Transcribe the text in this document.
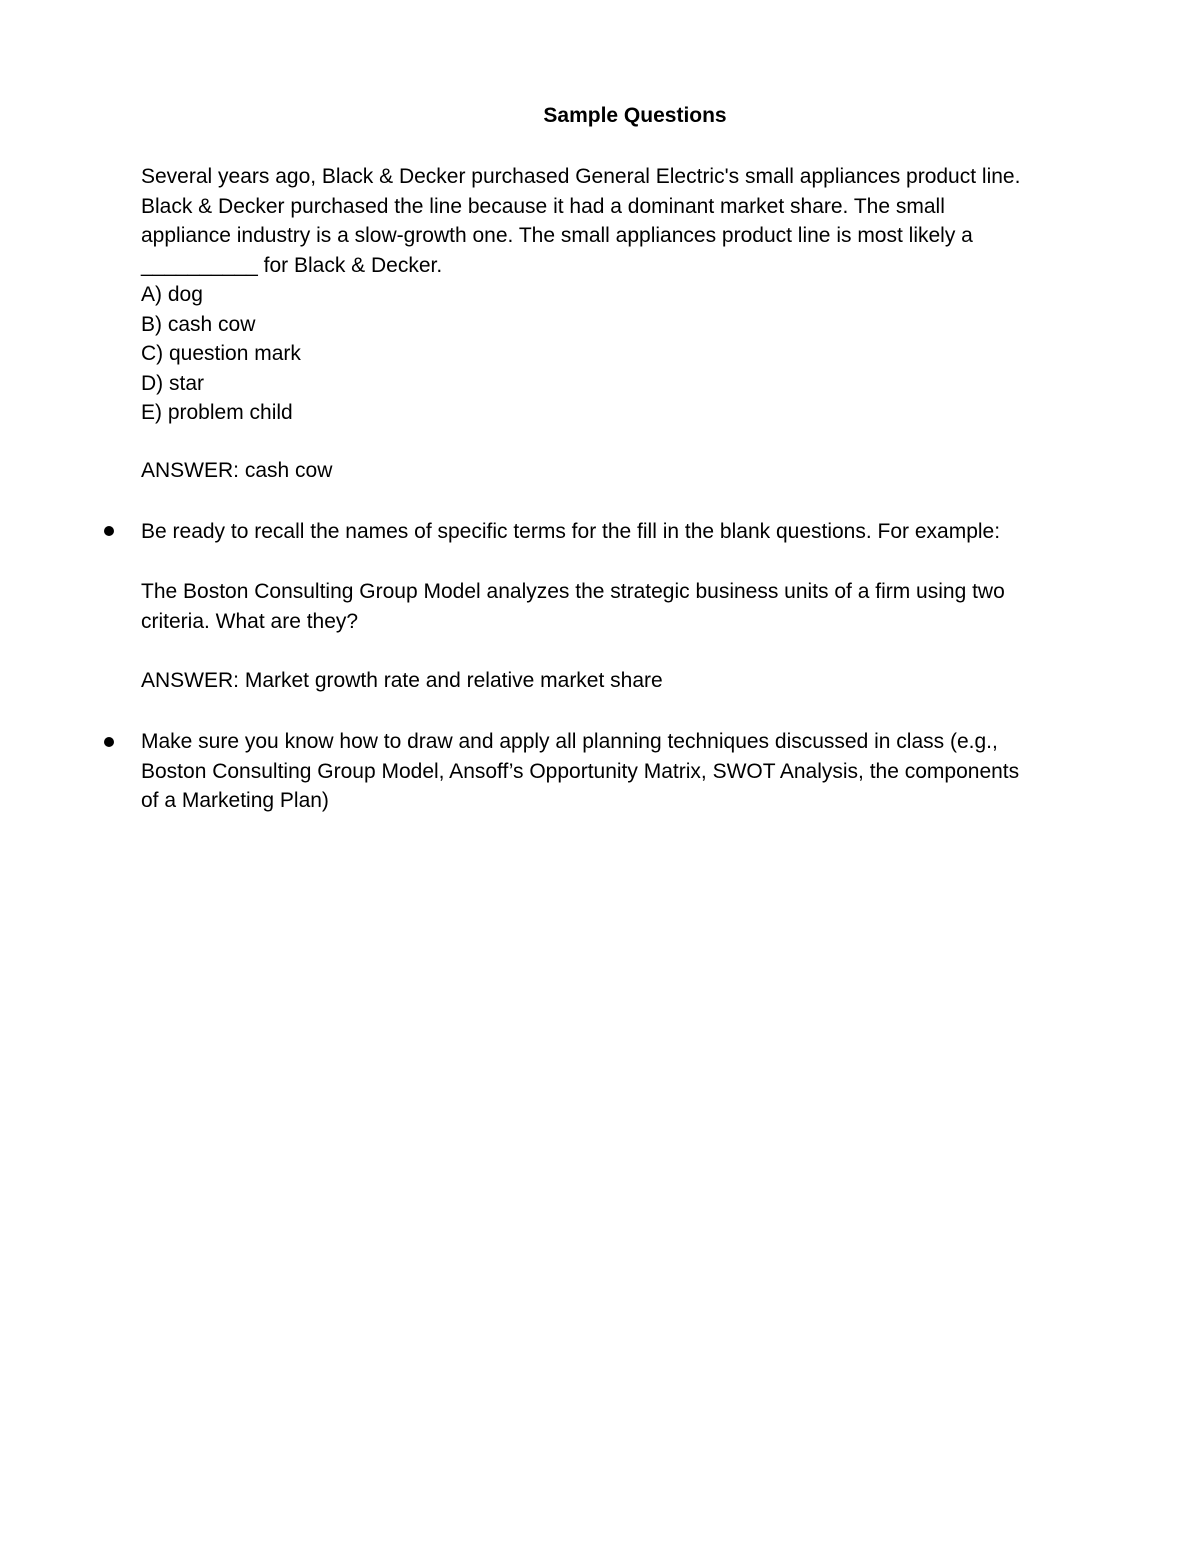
Sample Questions
Several years ago, Black & Decker purchased General Electric's small appliances product line.
Black & Decker purchased the line because it had a dominant market share. The small
appliance industry is a slow-growth one. The small appliances product line is most likely a
__________ for Black & Decker.
A) dog
B) cash cow
C) question mark
D) star
E) problem child
ANSWER: cash cow
Be ready to recall the names of specific terms for the fill in the blank questions. For example:
The Boston Consulting Group Model analyzes the strategic business units of a firm using two
criteria. What are they?
ANSWER: Market growth rate and relative market share
Make sure you know how to draw and apply all planning techniques discussed in class (e.g.,
Boston Consulting Group Model, Ansoff’s Opportunity Matrix, SWOT Analysis, the components
of a Marketing Plan)
